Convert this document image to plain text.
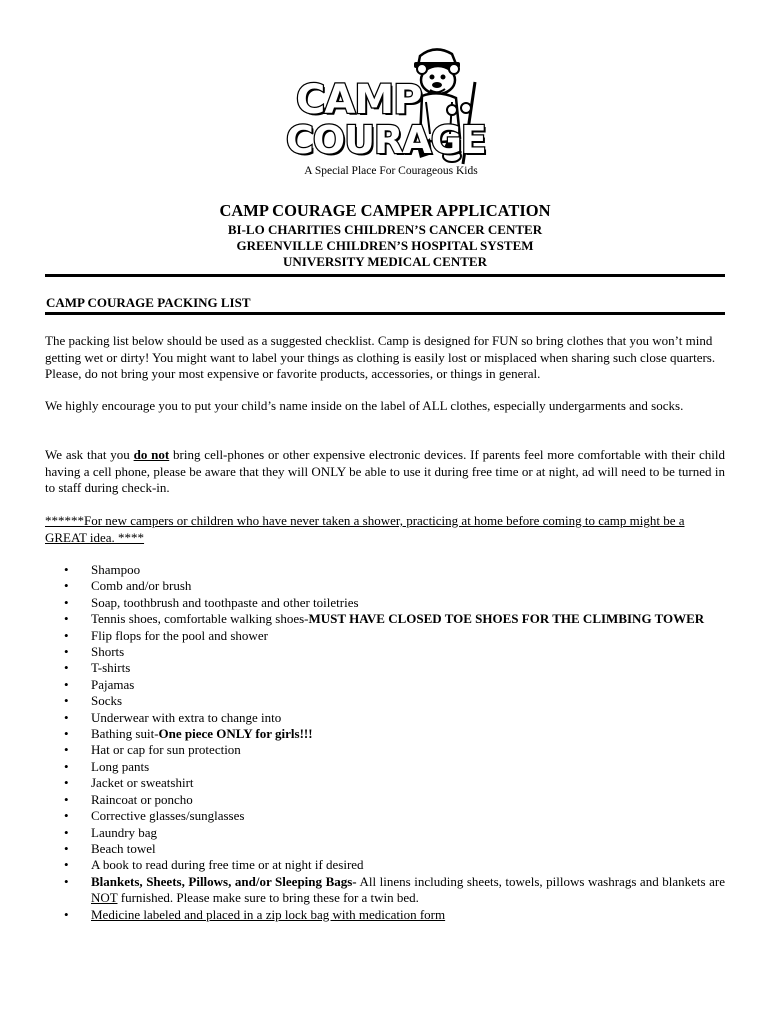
CAMP
COURAGE
A Special Place For Courageous Kids
CAMP COURAGE CAMPER APPLICATION
BI-LO CHARITIES CHILDREN’S CANCER CENTER
GREENVILLE CHILDREN’S HOSPITAL SYSTEM
UNIVERSITY MEDICAL CENTER
CAMP COURAGE PACKING LIST
The packing list below should be used as a suggested checklist. Camp is designed for FUN so bring clothes that you won’t mind getting wet or dirty! You might want to label your things as clothing is easily lost or misplaced when sharing such close quarters. Please, do not bring your most expensive or favorite products, accessories, or things in general.
We highly encourage you to put your child’s name inside on the label of ALL clothes, especially undergarments and socks.
We ask that you do not bring cell-phones or other expensive electronic devices. If parents feel more comfortable with their child having a cell phone, please be aware that they will ONLY be able to use it during free time or at night, ad will need to be turned in to staff during check-in.
******For new campers or children who have never taken a shower, practicing at home before coming to camp might be a GREAT idea. ****
• Shampoo
• Comb and/or brush
• Soap, toothbrush and toothpaste and other toiletries
• Tennis shoes, comfortable walking shoes-MUST HAVE CLOSED TOE SHOES FOR THE CLIMBING TOWER
• Flip flops for the pool and shower
• Shorts
• T-shirts
• Pajamas
• Socks
• Underwear with extra to change into
• Bathing suit-One piece ONLY for girls!!!
• Hat or cap for sun protection
• Long pants
• Jacket or sweatshirt
• Raincoat or poncho
• Corrective glasses/sunglasses
• Laundry bag
• Beach towel
• A book to read during free time or at night if desired
• Blankets, Sheets, Pillows, and/or Sleeping Bags- All linens including sheets, towels, pillows washrags and blankets are NOT furnished. Please make sure to bring these for a twin bed.
• Medicine labeled and placed in a zip lock bag with medication form
